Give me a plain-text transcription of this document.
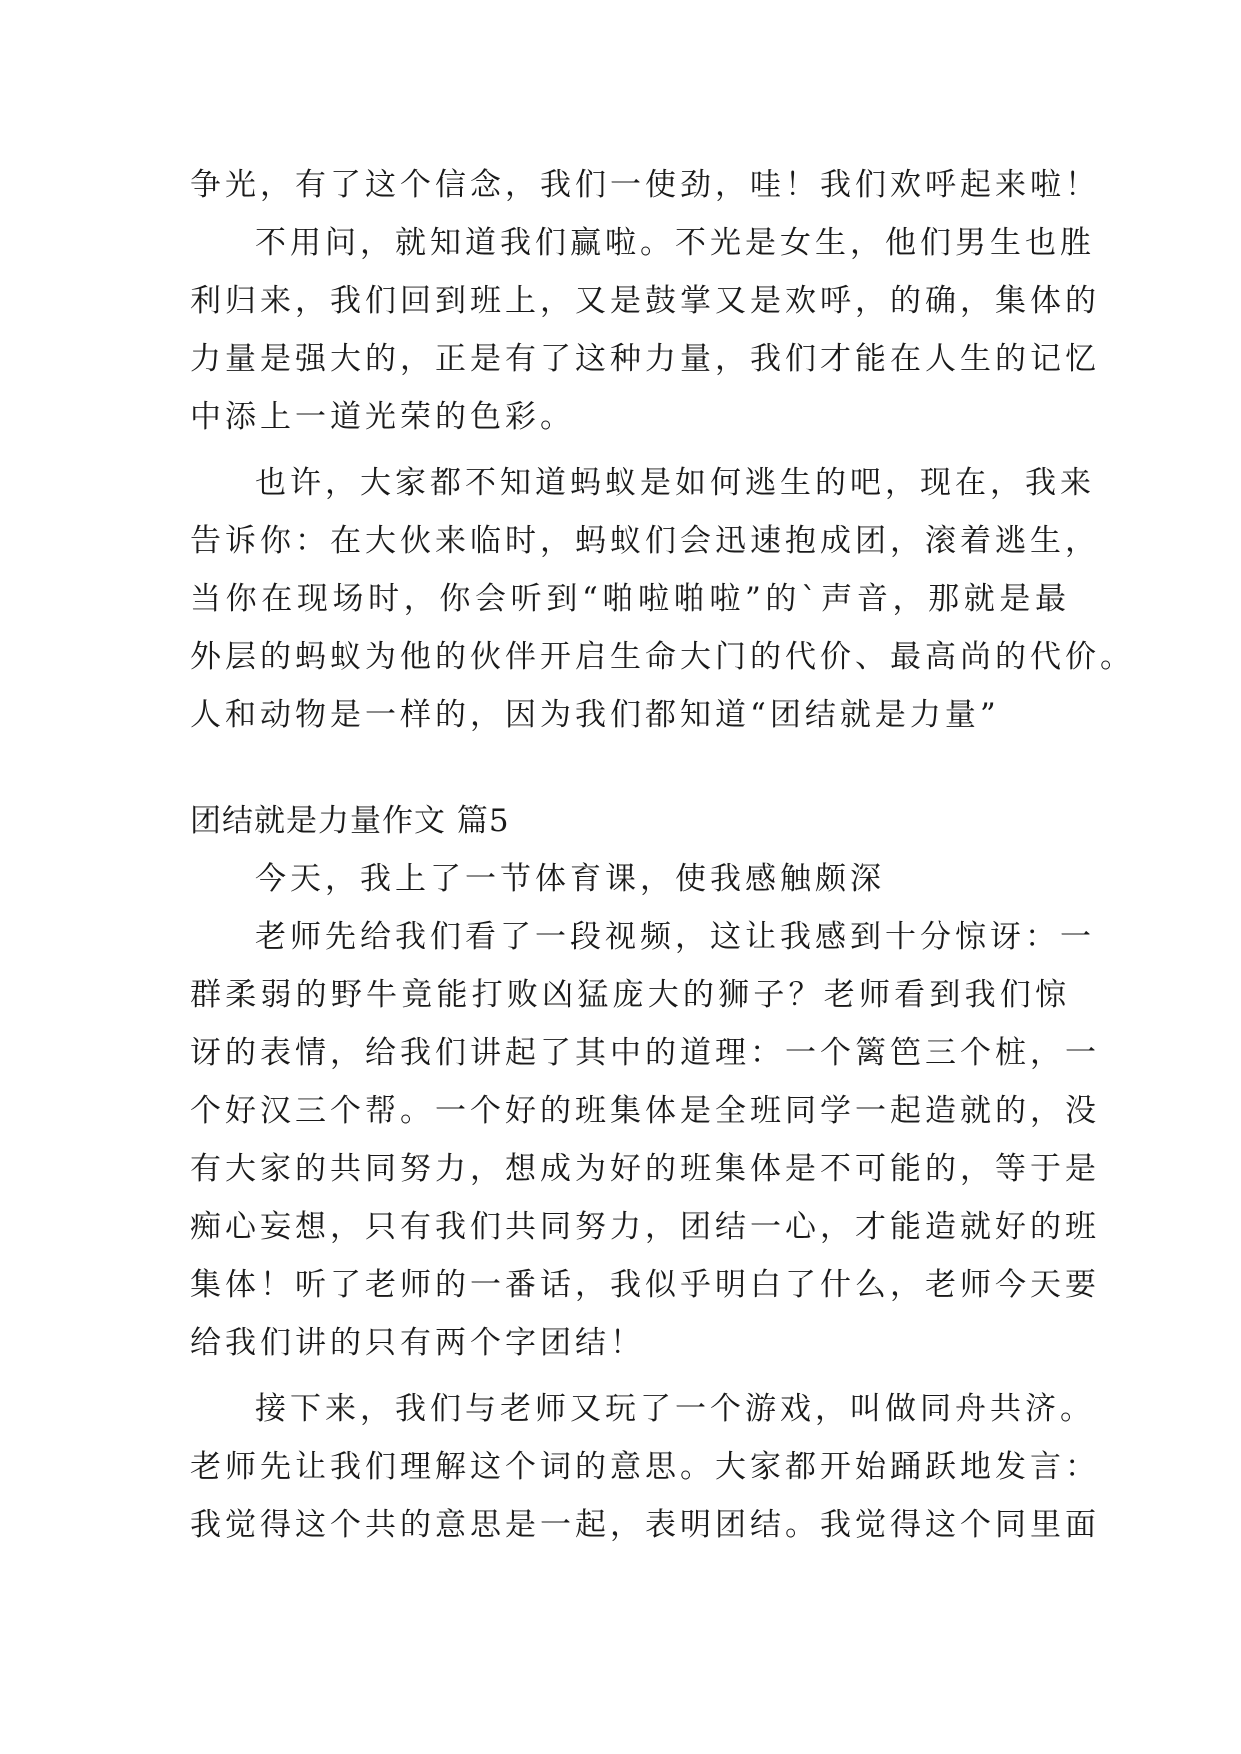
争光，有了这个信念，我们一使劲，哇！我们欢呼起来啦！
不用问，就知道我们赢啦。不光是女生，他们男生也胜
利归来，我们回到班上，又是鼓掌又是欢呼，的确，集体的
力量是强大的，正是有了这种力量，我们才能在人生的记忆
中添上一道光荣的色彩。
也许，大家都不知道蚂蚁是如何逃生的吧，现在，我来
告诉你：在大伙来临时，蚂蚁们会迅速抱成团，滚着逃生，
当你在现场时，你会听到“啪啦啪啦”的`声音，那就是最
外层的蚂蚁为他的伙伴开启生命大门的代价、最高尚的代价。
人和动物是一样的，因为我们都知道“团结就是力量”
团结就是力量作文 篇5
今天，我上了一节体育课，使我感触颇深
老师先给我们看了一段视频，这让我感到十分惊讶：一
群柔弱的野牛竟能打败凶猛庞大的狮子？老师看到我们惊
讶的表情，给我们讲起了其中的道理：一个篱笆三个桩，一
个好汉三个帮。一个好的班集体是全班同学一起造就的，没
有大家的共同努力，想成为好的班集体是不可能的，等于是
痴心妄想，只有我们共同努力，团结一心，才能造就好的班
集体！听了老师的一番话，我似乎明白了什么，老师今天要
给我们讲的只有两个字团结！
接下来，我们与老师又玩了一个游戏，叫做同舟共济。
老师先让我们理解这个词的意思。大家都开始踊跃地发言：
我觉得这个共的意思是一起，表明团结。我觉得这个同里面
